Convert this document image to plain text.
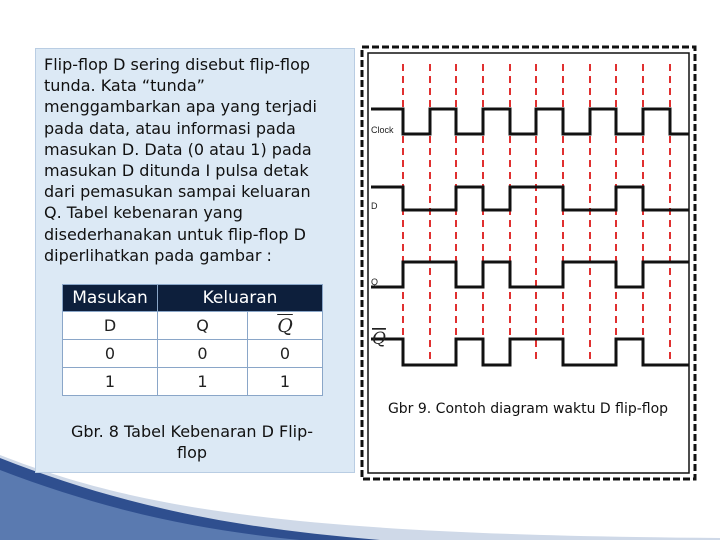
Flip-flop D sering disebut flip-flop
tunda. Kata “tunda”
menggambarkan apa yang terjadi
pada data, atau informasi pada
masukan D. Data (0 atau 1) pada
masukan D ditunda I pulsa detak
dari pemasukan sampai keluaran
Q. Tabel kebenaran yang
disederhanakan untuk flip-flop D
diperlihatkan pada gambar :
Masukan	Keluaran	
D	Q	$\overline{Q}$
0	0	0
1	1	1
Gbr. 8 Tabel Kebenaran D Flip-flop
Clock
D
Q
Q
Gbr 9. Contoh diagram waktu D flip-flop
